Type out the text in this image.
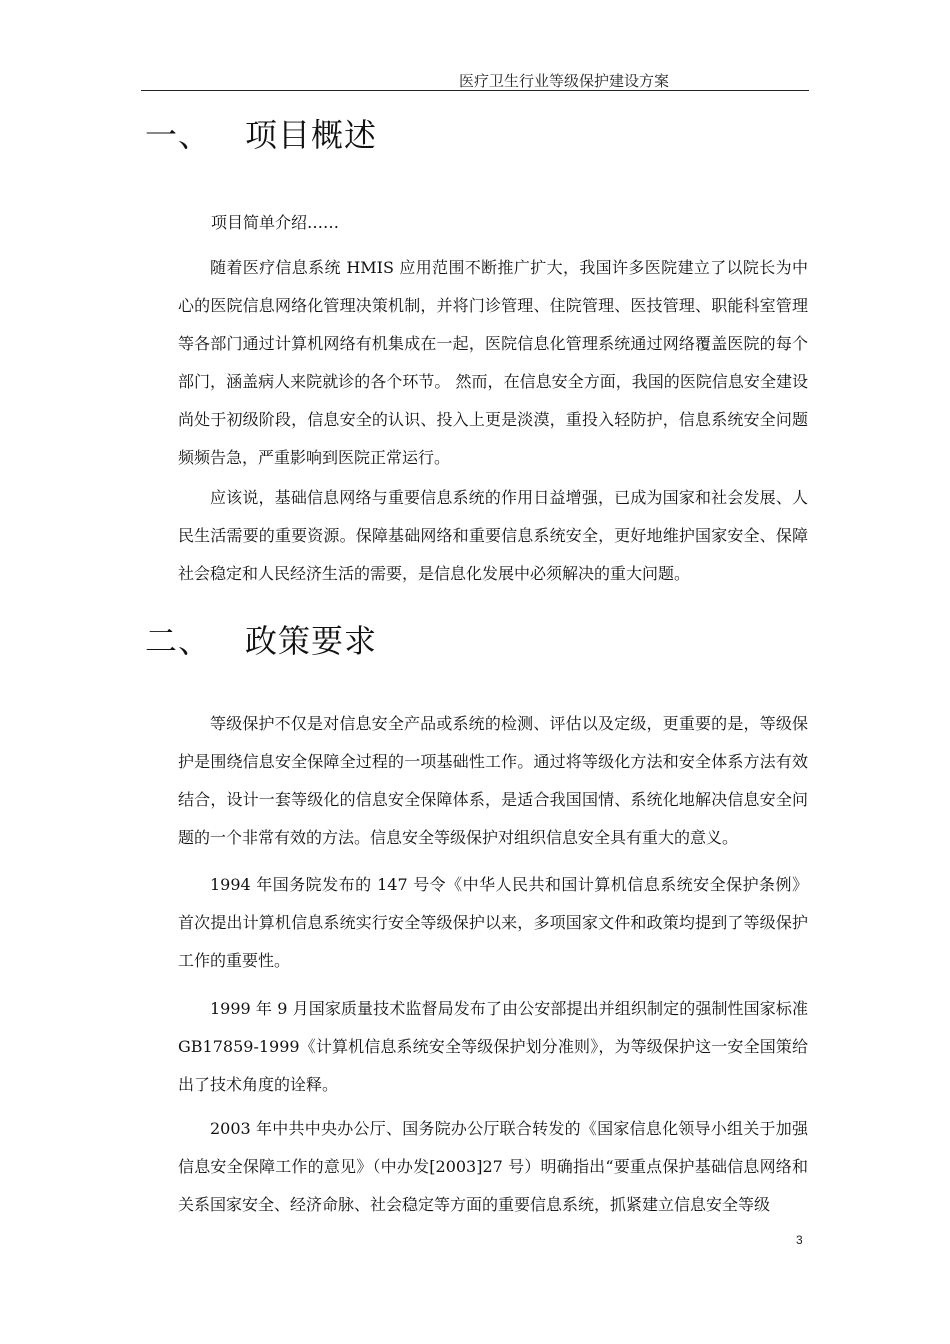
医疗卫生行业等级保护建设方案
一、 项目概述
项目简单介绍……

随着医疗信息系统 HMIS 应用范围不断推广扩大，我国许多医院建立了以院长为中心的医院信息网络化管理决策机制，并将门诊管理、住院管理、医技管理、职能科室管理等各部门通过计算机网络有机集成在一起，医院信息化管理系统通过网络覆盖医院的每个部门，涵盖病人来院就诊的各个环节。 然而，在信息安全方面，我国的医院信息安全建设尚处于初级阶段，信息安全的认识、投入上更是淡漠，重投入轻防护，信息系统安全问题频频告急，严重影响到医院正常运行。

应该说，基础信息网络与重要信息系统的作用日益增强，已成为国家和社会发展、人民生活需要的重要资源。保障基础网络和重要信息系统安全，更好地维护国家安全、保障社会稳定和人民经济生活的需要，是信息化发展中必须解决的重大问题。

二、 政策要求

等级保护不仅是对信息安全产品或系统的检测、评估以及定级，更重要的是，等级保护是围绕信息安全保障全过程的一项基础性工作。通过将等级化方法和安全体系方法有效结合，设计一套等级化的信息安全保障体系，是适合我国国情、系统化地解决信息安全问题的一个非常有效的方法。信息安全等级保护对组织信息安全具有重大的意义。

1994 年国务院发布的 147 号令《中华人民共和国计算机信息系统安全保护条例》首次提出计算机信息系统实行安全等级保护以来，多项国家文件和政策均提到了等级保护工作的重要性。

1999 年 9 月国家质量技术监督局发布了由公安部提出并组织制定的强制性国家标准 GB17859-1999《计算机信息系统安全等级保护划分准则》，为等级保护这一安全国策给出了技术角度的诠释。

2003 年中共中央办公厅、国务院办公厅联合转发的《国家信息化领导小组关于加强信息安全保障工作的意见》（中办发[2003]27 号）明确指出“要重点保护基础信息网络和关系国家安全、经济命脉、社会稳定等方面的重要信息系统，抓紧建立信息安全等级

3
